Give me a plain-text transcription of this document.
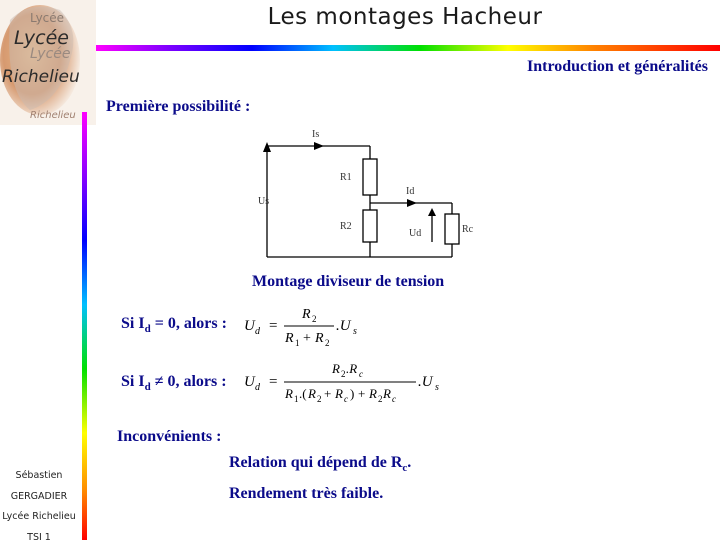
Lycée
Lycée
Lycée
Richelieu
Richelieu
Les montages Hacheur
Introduction et généralités
Première possibilité :
Is
Us
R1
R2
Id
Ud	Rc
Montage diviseur de tension
Si $I_d = 0$, alors : U d =
R 2
R 1 + R 2
.U s
Si $I_d \ne 0$, alors : U d =
R 2 .R c
R 1 .( R 2 + R c ) + R 2 R c
.U s
Inconvénients :
Relation qui dépend de $R_c$.
Rendement très faible.
Sébastien
GERGADIER
Lycée Richelieu
TSI 1
